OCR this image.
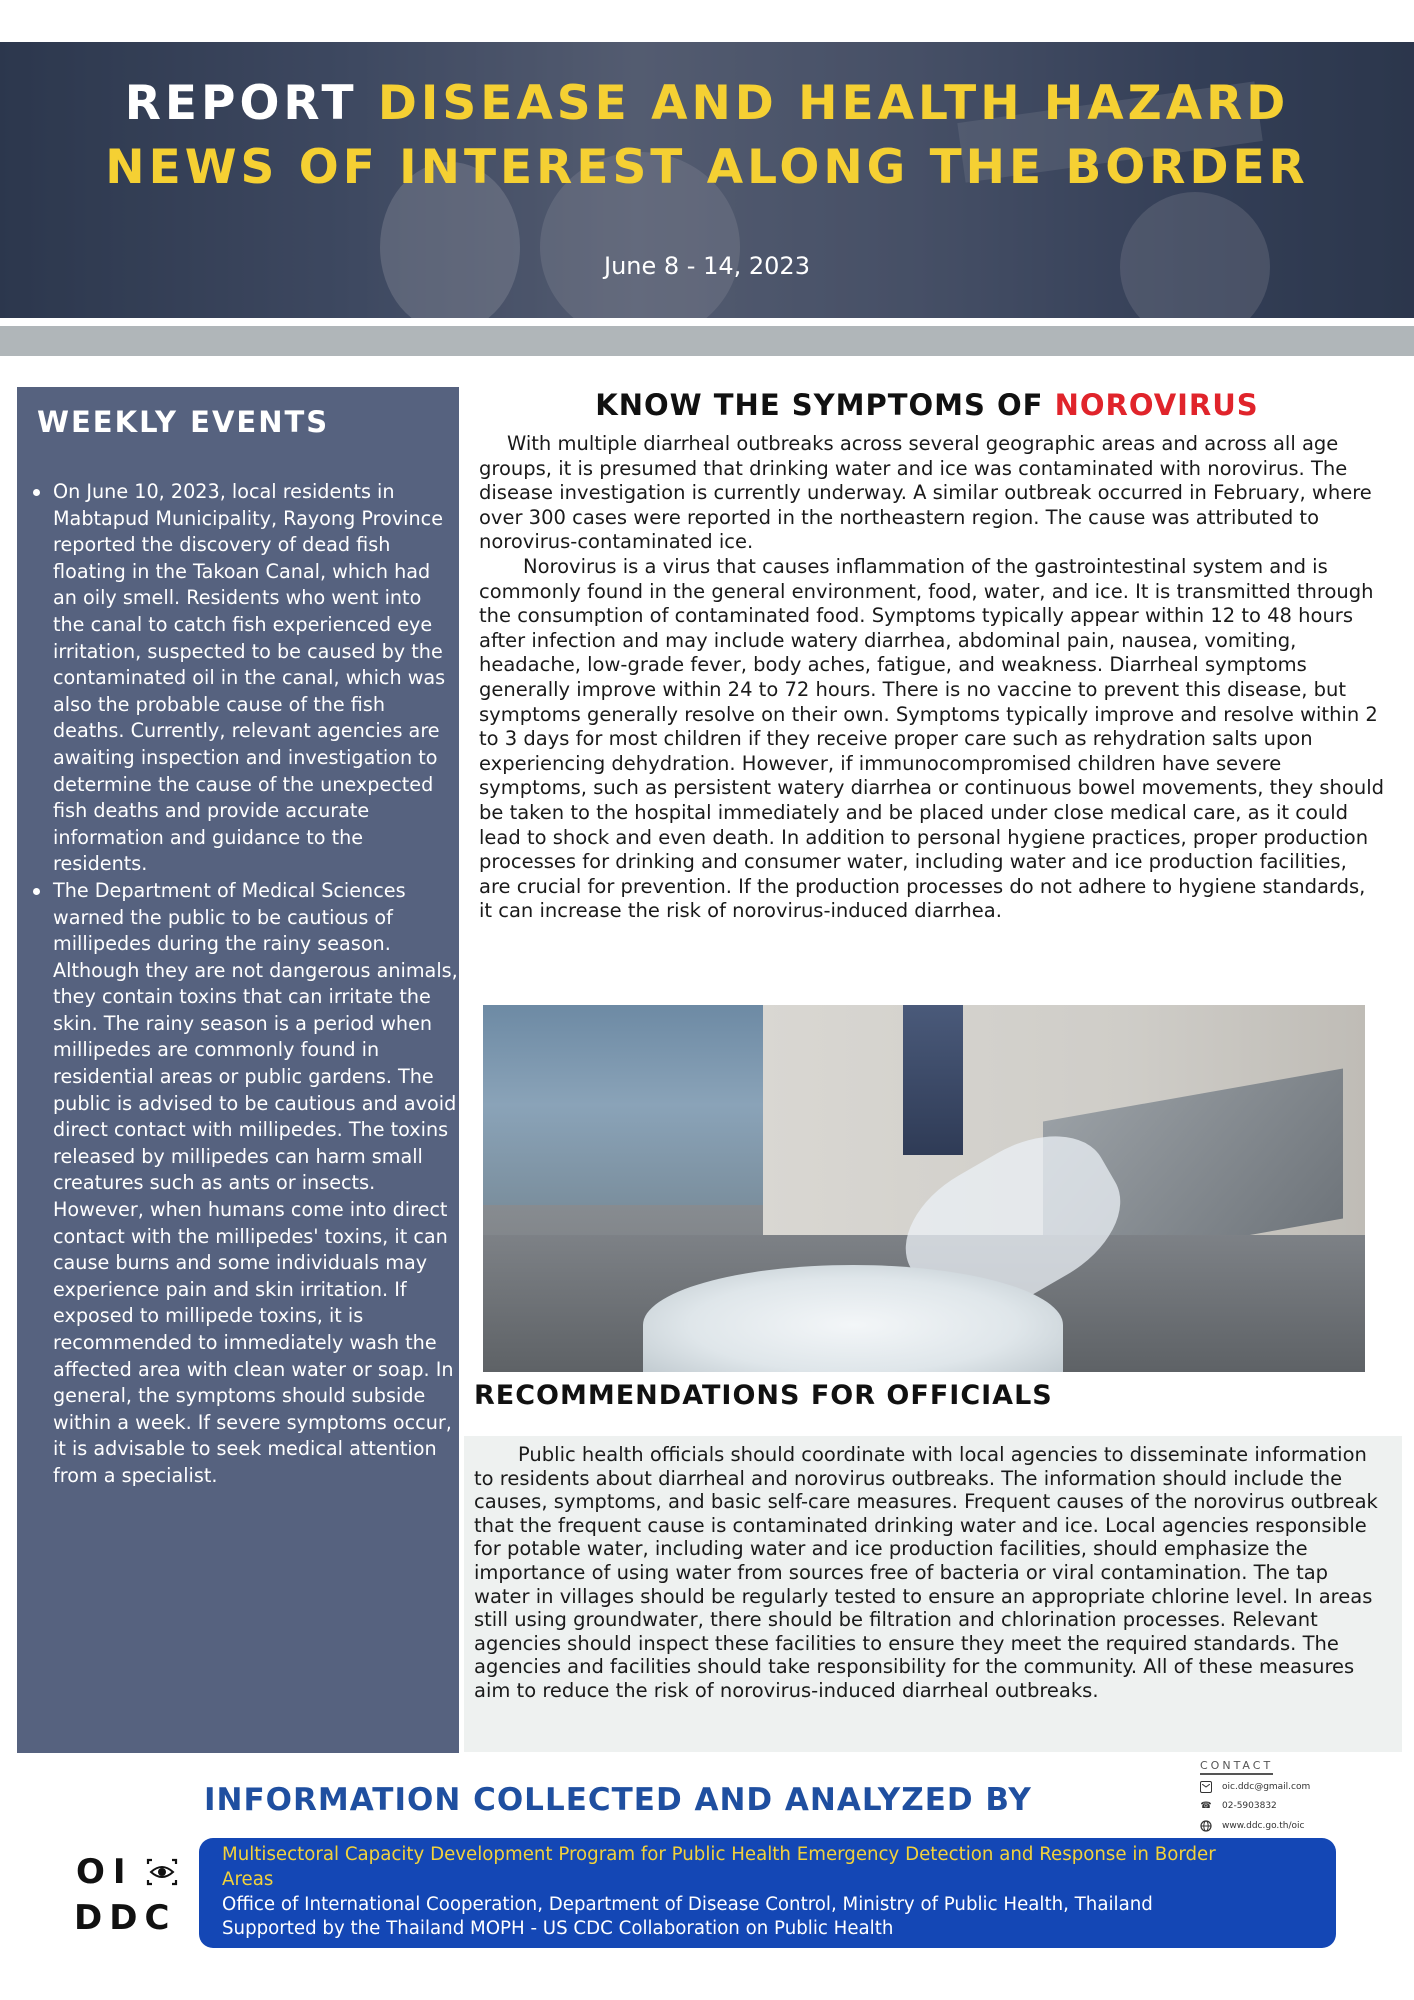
REPORT DISEASE AND HEALTH HAZARD
NEWS OF INTEREST ALONG THE BORDER
June 8 - 14, 2023
WEEKLY EVENTS
On June 10, 2023, local residents in Mabtapud Municipality, Rayong Province reported the discovery of dead fish floating in the Takoan Canal, which had an oily smell. Residents who went into the canal to catch fish experienced eye irritation, suspected to be caused by the contaminated oil in the canal, which was also the probable cause of the fish deaths. Currently, relevant agencies are awaiting inspection and investigation to determine the cause of the unexpected fish deaths and provide accurate information and guidance to the residents.
The Department of Medical Sciences warned the public to be cautious of millipedes during the rainy season. Although they are not dangerous animals, they contain toxins that can irritate the skin. The rainy season is a period when millipedes are commonly found in residential areas or public gardens. The public is advised to be cautious and avoid direct contact with millipedes. The toxins released by millipedes can harm small creatures such as ants or insects. However, when humans come into direct contact with the millipedes' toxins, it can cause burns and some individuals may experience pain and skin irritation. If exposed to millipede toxins, it is recommended to immediately wash the affected area with clean water or soap. In general, the symptoms should subside within a week. If severe symptoms occur, it is advisable to seek medical attention from a specialist.
KNOW THE SYMPTOMS OF NOROVIRUS

With multiple diarrheal outbreaks across several geographic areas and across all age groups, it is presumed that drinking water and ice was contaminated with norovirus. The disease investigation is currently underway. A similar outbreak occurred in February, where over 300 cases were reported in the northeastern region. The cause was attributed to norovirus-contaminated ice.

Norovirus is a virus that causes inflammation of the gastrointestinal system and is commonly found in the general environment, food, water, and ice. It is transmitted through the consumption of contaminated food. Symptoms typically appear within 12 to 48 hours after infection and may include watery diarrhea, abdominal pain, nausea, vomiting, headache, low-grade fever, body aches, fatigue, and weakness. Diarrheal symptoms generally improve within 24 to 72 hours. There is no vaccine to prevent this disease, but symptoms generally resolve on their own. Symptoms typically improve and resolve within 2 to 3 days for most children if they receive proper care such as rehydration salts upon experiencing dehydration. However, if immunocompromised children have severe symptoms, such as persistent watery diarrhea or continuous bowel movements, they should be taken to the hospital immediately and be placed under close medical care, as it could lead to shock and even death. In addition to personal hygiene practices, proper production processes for drinking and consumer water, including water and ice production facilities, are crucial for prevention. If the production processes do not adhere to hygiene standards, it can increase the risk of norovirus-induced diarrhea.

RECOMMENDATIONS FOR OFFICIALS
Public health officials should coordinate with local agencies to disseminate information to residents about diarrheal and norovirus outbreaks. The information should include the causes, symptoms, and basic self-care measures. Frequent causes of the norovirus outbreak that the frequent cause is contaminated drinking water and ice. Local agencies responsible for potable water, including water and ice production facilities, should emphasize the importance of using water from sources free of bacteria or viral contamination. The tap water in villages should be regularly tested to ensure an appropriate chlorine level. In areas still using groundwater, there should be filtration and chlorination processes. Relevant agencies should inspect these facilities to ensure they meet the required standards. The agencies and facilities should take responsibility for the community. All of these measures aim to reduce the risk of norovirus-induced diarrheal outbreaks.
INFORMATION COLLECTED AND ANALYZED BY
CONTACT
oic.ddc@gmail.com
☎ 02-5903832
www.ddc.go.th/oic
OI
DDC
Multisectoral Capacity Development Program for Public Health Emergency Detection and Response in Border Areas
Office of International Cooperation, Department of Disease Control, Ministry of Public Health, Thailand
Supported by the Thailand MOPH - US CDC Collaboration on Public Health
